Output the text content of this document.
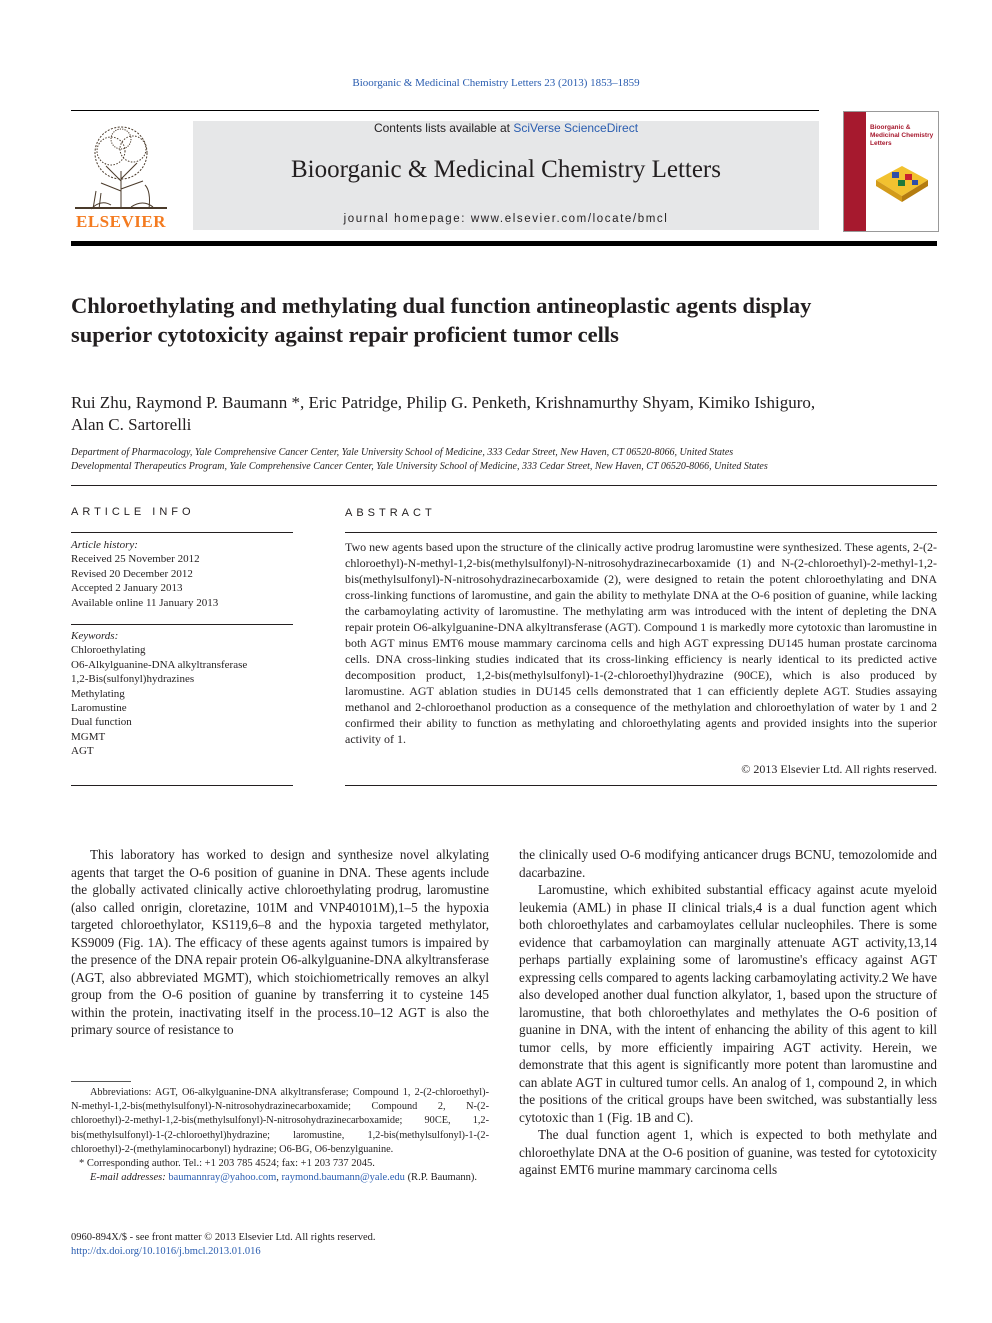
Bioorganic & Medicinal Chemistry Letters 23 (2013) 1853–1859
ELSEVIER
Contents lists available at SciVerse ScienceDirect
Bioorganic & Medicinal Chemistry Letters
journal homepage: www.elsevier.com/locate/bmcl
Bioorganic & Medicinal Chemistry Letters
Chloroethylating and methylating dual function antineoplastic agents display superior cytotoxicity against repair proficient tumor cells
Rui Zhu, Raymond P. Baumann *, Eric Patridge, Philip G. Penketh, Krishnamurthy Shyam, Kimiko Ishiguro,
Alan C. Sartorelli
Department of Pharmacology, Yale Comprehensive Cancer Center, Yale University School of Medicine, 333 Cedar Street, New Haven, CT 06520-8066, United States
Developmental Therapeutics Program, Yale Comprehensive Cancer Center, Yale University School of Medicine, 333 Cedar Street, New Haven, CT 06520-8066, United States
ARTICLE INFO
Article history:
Received 25 November 2012
Revised 20 December 2012
Accepted 2 January 2013
Available online 11 January 2013
Keywords:
Chloroethylating
O6-Alkylguanine-DNA alkyltransferase
1,2-Bis(sulfonyl)hydrazines
Methylating
Laromustine
Dual function
MGMT
AGT
ABSTRACT
Two new agents based upon the structure of the clinically active prodrug laromustine were synthesized. These agents, 2-(2-chloroethyl)-N-methyl-1,2-bis(methylsulfonyl)-N-nitrosohydrazinecarboxamide (1) and N-(2-chloroethyl)-2-methyl-1,2-bis(methylsulfonyl)-N-nitrosohydrazinecarboxamide (2), were designed to retain the potent chloroethylating and DNA cross-linking functions of laromustine, and gain the ability to methylate DNA at the O-6 position of guanine, while lacking the carbamoylating activity of laromustine. The methylating arm was introduced with the intent of depleting the DNA repair protein O6-alkylguanine-DNA alkyltransferase (AGT). Compound 1 is markedly more cytotoxic than laromustine in both AGT minus EMT6 mouse mammary carcinoma cells and high AGT expressing DU145 human prostate carcinoma cells. DNA cross-linking studies indicated that its cross-linking efficiency is nearly identical to its predicted active decomposition product, 1,2-bis(methylsulfonyl)-1-(2-chloroethyl)hydrazine (90CE), which is also produced by laromustine. AGT ablation studies in DU145 cells demonstrated that 1 can efficiently deplete AGT. Studies assaying methanol and 2-chloroethanol production as a consequence of the methylation and chloroethylation of water by 1 and 2 confirmed their ability to function as methylating and chloroethylating agents and provided insights into the superior activity of 1.
© 2013 Elsevier Ltd. All rights reserved.

This laboratory has worked to design and synthesize novel alkylating agents that target the O-6 position of guanine in DNA. These agents include the globally activated clinically active chloroethylating prodrug, laromustine (also called onrigin, cloretazine, 101M and VNP40101M),1–5 the hypoxia targeted chloroethylator, KS119,6–8 and the hypoxia targeted methylator, KS9009 (Fig. 1A). The efficacy of these agents against tumors is impaired by the presence of the DNA repair protein O6-alkylguanine-DNA alkyltransferase (AGT, also abbreviated MGMT), which stoichiometrically removes an alkyl group from the O-6 position of guanine by transferring it to cysteine 145 within the protein, inactivating itself in the process.10–12 AGT is also the primary source of resistance to

the clinically used O-6 modifying anticancer drugs BCNU, temozolomide and dacarbazine.

Laromustine, which exhibited substantial efficacy against acute myeloid leukemia (AML) in phase II clinical trials,4 is a dual function agent which both chloroethylates and carbamoylates cellular nucleophiles. There is some evidence that carbamoylation can marginally attenuate AGT activity,13,14 perhaps partially explaining some of laromustine's efficacy against AGT expressing cells compared to agents lacking carbamoylating activity.2 We have also developed another dual function alkylator, 1, based upon the structure of laromustine, that both chloroethylates and methylates the O-6 position of guanine in DNA, with the intent of enhancing the ability of this agent to kill tumor cells, by more efficiently impairing AGT activity. Herein, we demonstrate that this agent is significantly more potent than laromustine and can ablate AGT in cultured tumor cells. An analog of 1, compound 2, in which the positions of the critical groups have been switched, was substantially less cytotoxic than 1 (Fig. 1B and C).

The dual function agent 1, which is expected to both methylate and chloroethylate DNA at the O-6 position of guanine, was tested for cytotoxicity against EMT6 murine mammary carcinoma cells

Abbreviations: AGT, O6-alkylguanine-DNA alkyltransferase; Compound 1, 2-(2-chloroethyl)-N-methyl-1,2-bis(methylsulfonyl)-N-nitrosohydrazinecarboxamide; Compound 2, N-(2-chloroethyl)-2-methyl-1,2-bis(methylsulfonyl)-N-nitrosohydrazinecarboxamide; 90CE, 1,2-bis(methylsulfonyl)-1-(2-chloroethyl)hydrazine; laromustine, 1,2-bis(methylsulfonyl)-1-(2-chloroethyl)-2-(methylaminocarbonyl) hydrazine; O6-BG, O6-benzylguanine.

* Corresponding author. Tel.: +1 203 785 4524; fax: +1 203 737 2045.

E-mail addresses: baumannray@yahoo.com, raymond.baumann@yale.edu (R.P. Baumann).

0960-894X/$ - see front matter © 2013 Elsevier Ltd. All rights reserved.
http://dx.doi.org/10.1016/j.bmcl.2013.01.016
